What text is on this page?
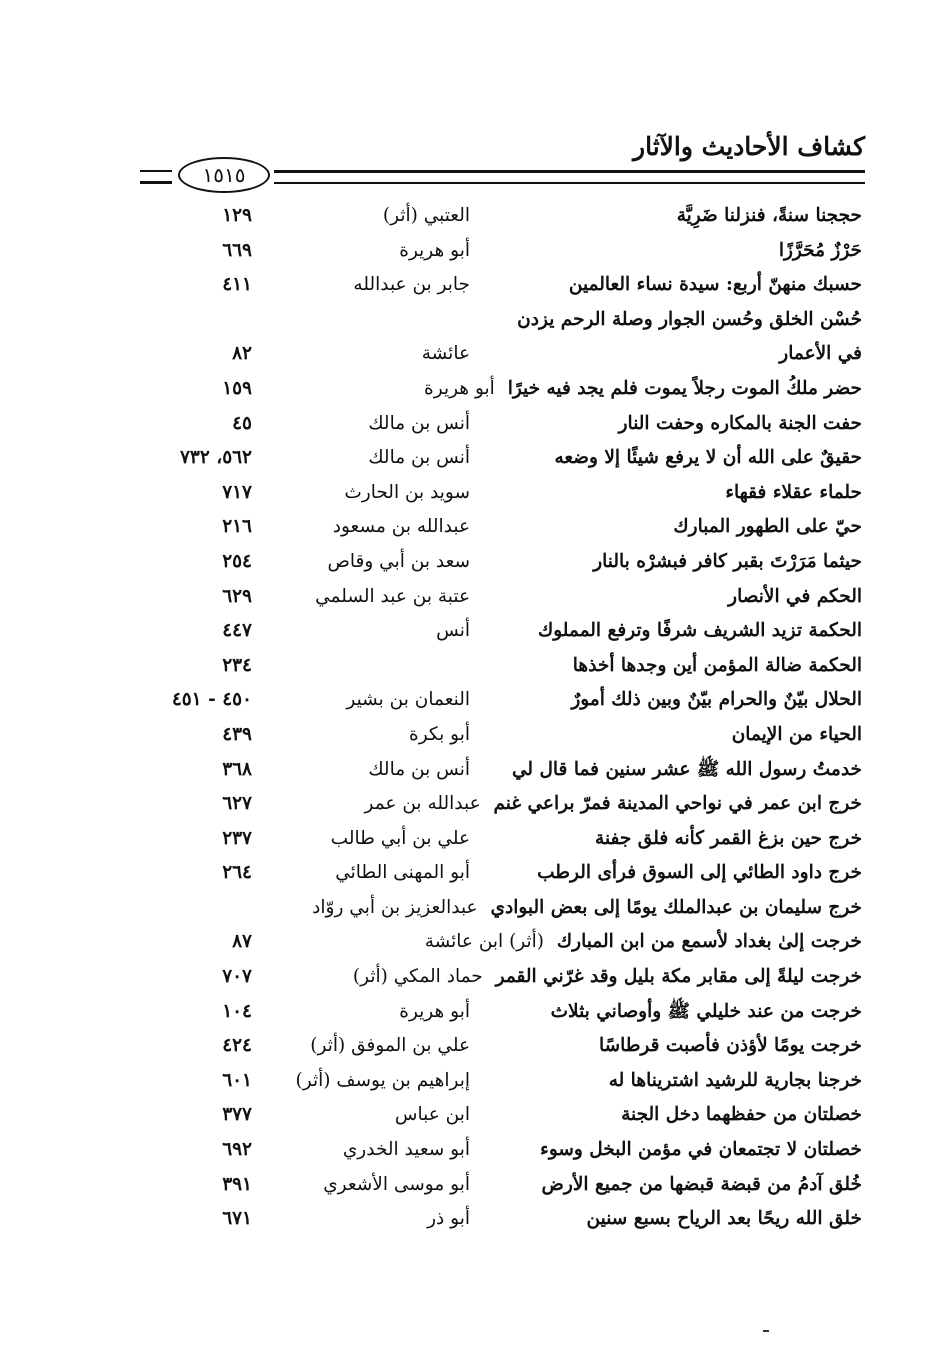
كشاف الأحاديث والآثار
١٥١٥
حججنا سنةً، فنزلنا ضَرِيَّة
العتبي (أثر)
١٢٩
حَرْزٌ مُحَرَّزًا
أبو هريرة
٦٦٩
حسبك منهنّ أربع: سيدة نساء العالمين
جابر بن عبدالله
٤١١
حُسْن الخلق وحُسن الجوار وصلة الرحم يزدن
في الأعمار
عائشة
٨٢
حضر ملكُ الموت رجلاً يموت فلم يجد فيه خيرًا  أبو هريرة
١٥٩
حفت الجنة بالمكاره وحفت النار
أنس بن مالك
٤٥
حقيقٌ على الله أن لا يرفع شيئًا إلا وضعه
أنس بن مالك
٥٦٢، ٧٣٢
حلماء عقلاء فقهاء
سويد بن الحارث
٧١٧
حيّ على الطهور المبارك
عبدالله بن مسعود
٢١٦
حيثما مَرَرْتَ بقبر كافر فبشرْه بالنار
سعد بن أبي وقاص
٢٥٤
الحكم في الأنصار
عتبة بن عبد السلمي
٦٢٩
الحكمة تزيد الشريف شرفًا وترفع المملوك
أنس
٤٤٧
الحكمة ضالة المؤمن أين وجدها أخذها
٢٣٤
الحلال بيّنٌ والحرام بيّنٌ وبين ذلك أمورٌ
النعمان بن بشير
٤٥٠ - ٤٥١
الحياء من الإيمان
أبو بكرة
٤٣٩
خدمتُ رسول الله ﷺ عشر سنين فما قال لي
أنس بن مالك
٣٦٨
خرج ابن عمر في نواحي المدينة فمرّ براعي غنم  عبدالله بن عمر
٦٢٧
خرج حين بزغ القمر كأنه فلق جفنة
علي بن أبي طالب
٢٣٧
خرج داود الطائي إلى السوق فرأى الرطب
أبو المهنى الطائي
٢٦٤
خرج سليمان بن عبدالملك يومًا إلى بعض البوادي  عبدالعزيز بن أبي روّاد
خرجت إلىٰ بغداد لأسمع من ابن المبارك  (أثر) ابن عائشة
٨٧
خرجت ليلةً إلى مقابر مكة بليل وقد غرّني القمر  حماد المكي (أثر)
٧٠٧
خرجت من عند خليلي ﷺ وأوصاني بثلاث
أبو هريرة
١٠٤
خرجت يومًا لأؤذن فأصبت قرطاسًا
علي بن الموفق (أثر)
٤٢٤
خرجنا بجارية للرشيد اشتريناها له
إبراهيم بن يوسف (أثر)
٦٠١
خصلتان من حفظهما دخل الجنة
ابن عباس
٣٧٧
خصلتان لا تجتمعان في مؤمن البخل وسوء
أبو سعيد الخدري
٦٩٢
خُلق آدمُ من قبضة قبضها من جميع الأرض
أبو موسى الأشعري
٣٩١
خلق الله ريحًا بعد الرياح بسبع سنين
أبو ذر
٦٧١
